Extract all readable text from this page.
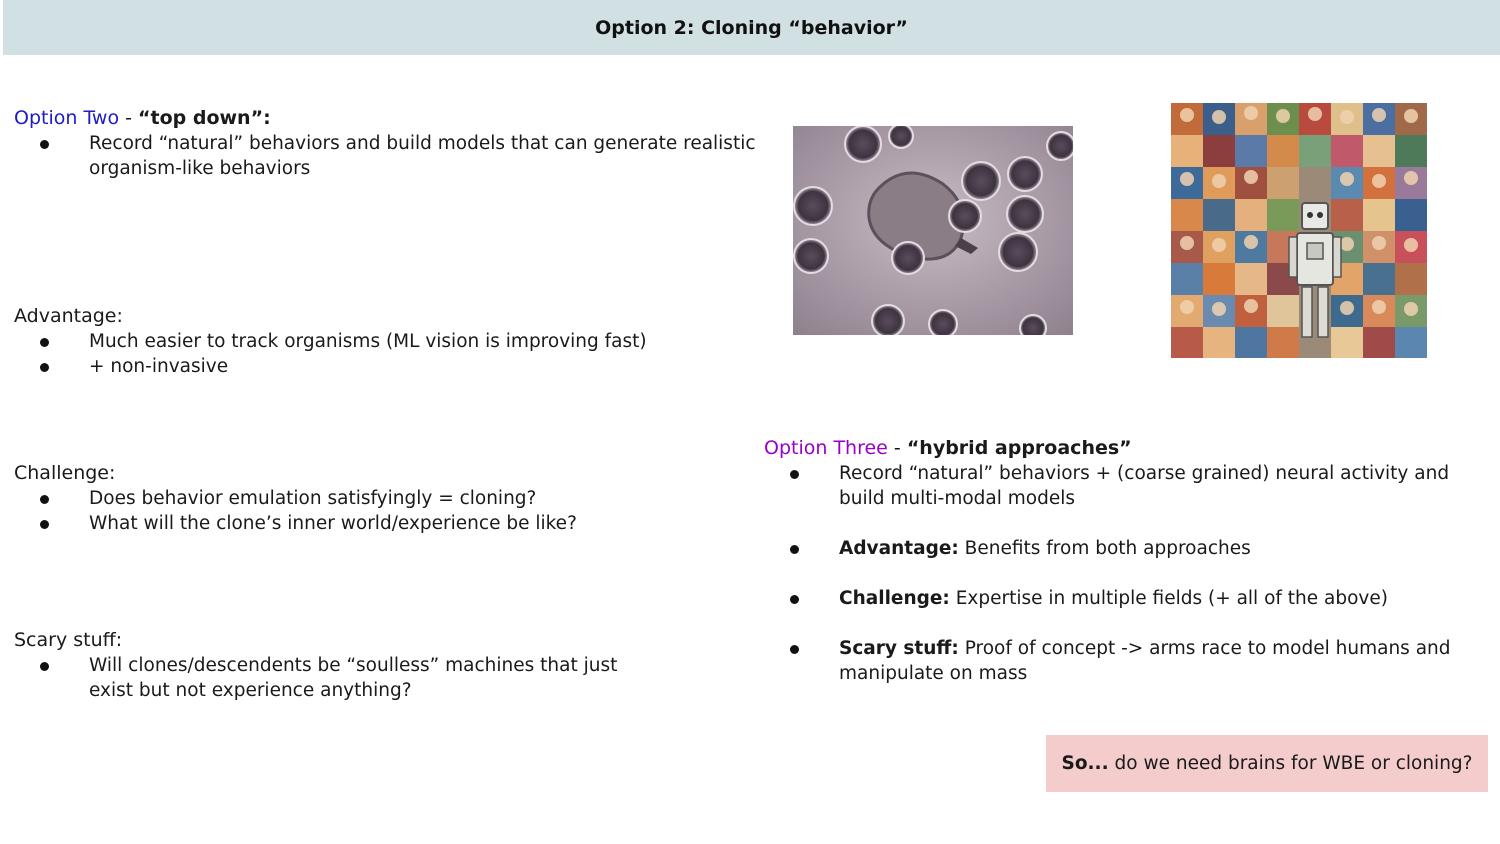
Option 2: Cloning “behavior”
Option Two - “top down”:
Record “natural” behaviors and build models that can generate realistic organism-like behaviors
Advantage:
Much easier to track organisms (ML vision is improving fast)
+ non-invasive
Challenge:
Does behavior emulation satisfyingly = cloning?
What will the clone’s inner world/experience be like?
Scary stuff:
Will clones/descendents be “soulless” machines that just exist but not experience anything?
Option Three - “hybrid approaches”
Record “natural” behaviors + (coarse grained) neural activity and build multi-modal models
Advantage: Benefits from both approaches
Challenge: Expertise in multiple fields (+ all of the above)
Scary stuff: Proof of concept -> arms race to model humans and manipulate on mass
So... do we need brains for WBE or cloning?
